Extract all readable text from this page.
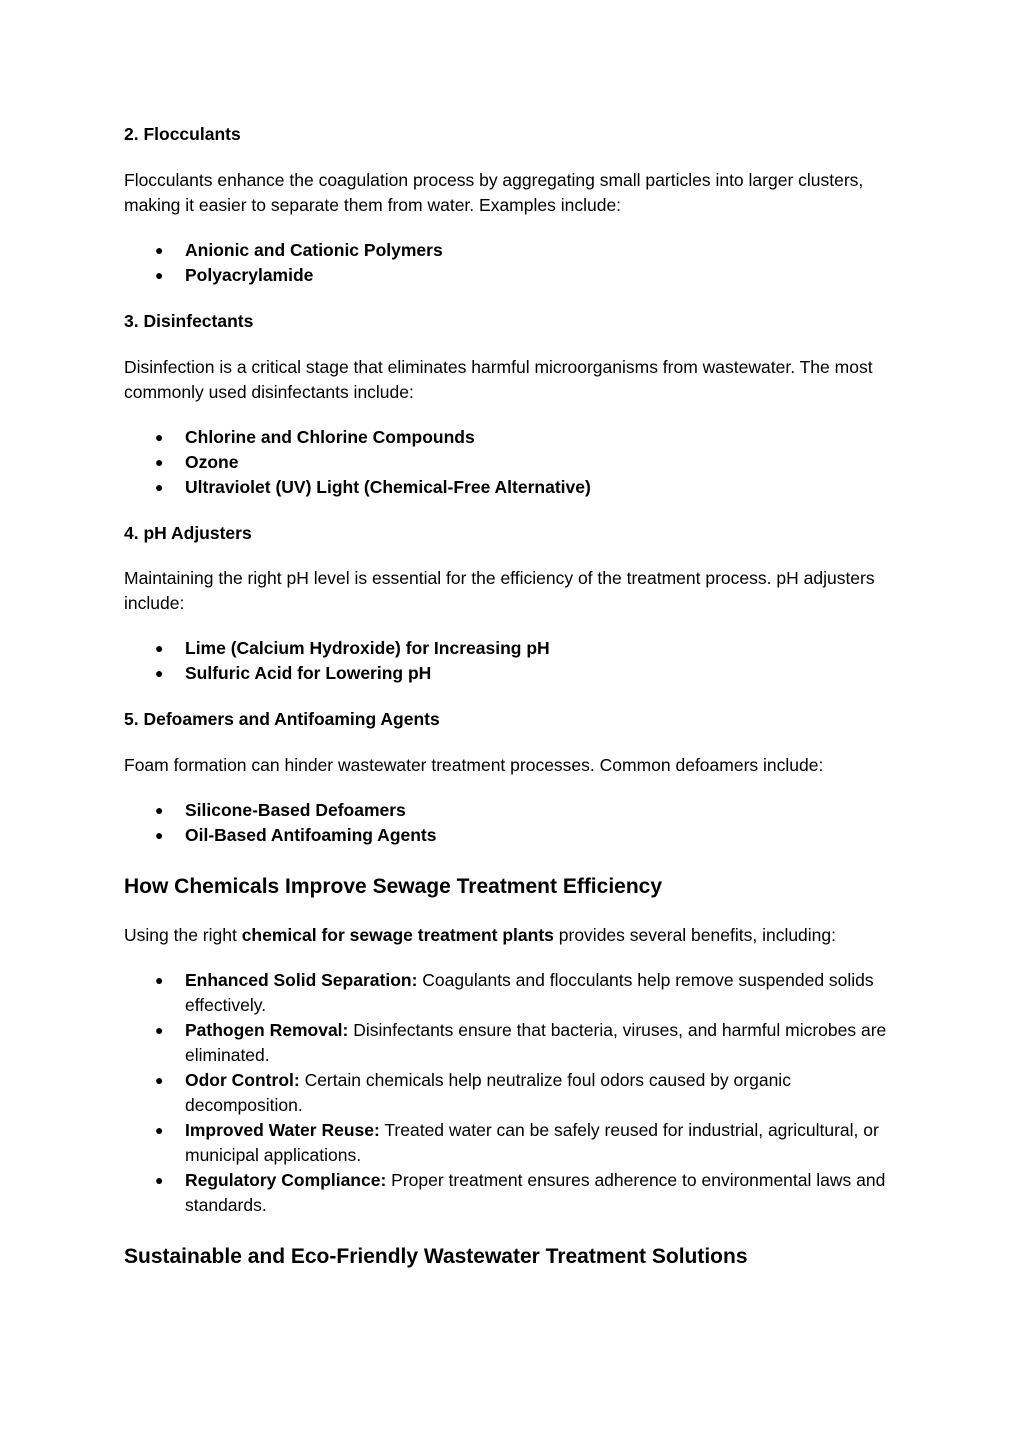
2. Flocculants
Flocculants enhance the coagulation process by aggregating small particles into larger clusters, making it easier to separate them from water. Examples include:
● Anionic and Cationic Polymers
● Polyacrylamide
3. Disinfectants
Disinfection is a critical stage that eliminates harmful microorganisms from wastewater. The most commonly used disinfectants include:
● Chlorine and Chlorine Compounds
● Ozone
● Ultraviolet (UV) Light (Chemical-Free Alternative)
4. pH Adjusters
Maintaining the right pH level is essential for the efficiency of the treatment process. pH adjusters include:
● Lime (Calcium Hydroxide) for Increasing pH
● Sulfuric Acid for Lowering pH
5. Defoamers and Antifoaming Agents
Foam formation can hinder wastewater treatment processes. Common defoamers include:
● Silicone-Based Defoamers
● Oil-Based Antifoaming Agents
How Chemicals Improve Sewage Treatment Efficiency
Using the right chemical for sewage treatment plants provides several benefits, including:
● Enhanced Solid Separation: Coagulants and flocculants help remove suspended solids effectively.
● Pathogen Removal: Disinfectants ensure that bacteria, viruses, and harmful microbes are eliminated.
● Odor Control: Certain chemicals help neutralize foul odors caused by organic decomposition.
● Improved Water Reuse: Treated water can be safely reused for industrial, agricultural, or municipal applications.
● Regulatory Compliance: Proper treatment ensures adherence to environmental laws and standards.
Sustainable and Eco-Friendly Wastewater Treatment Solutions
